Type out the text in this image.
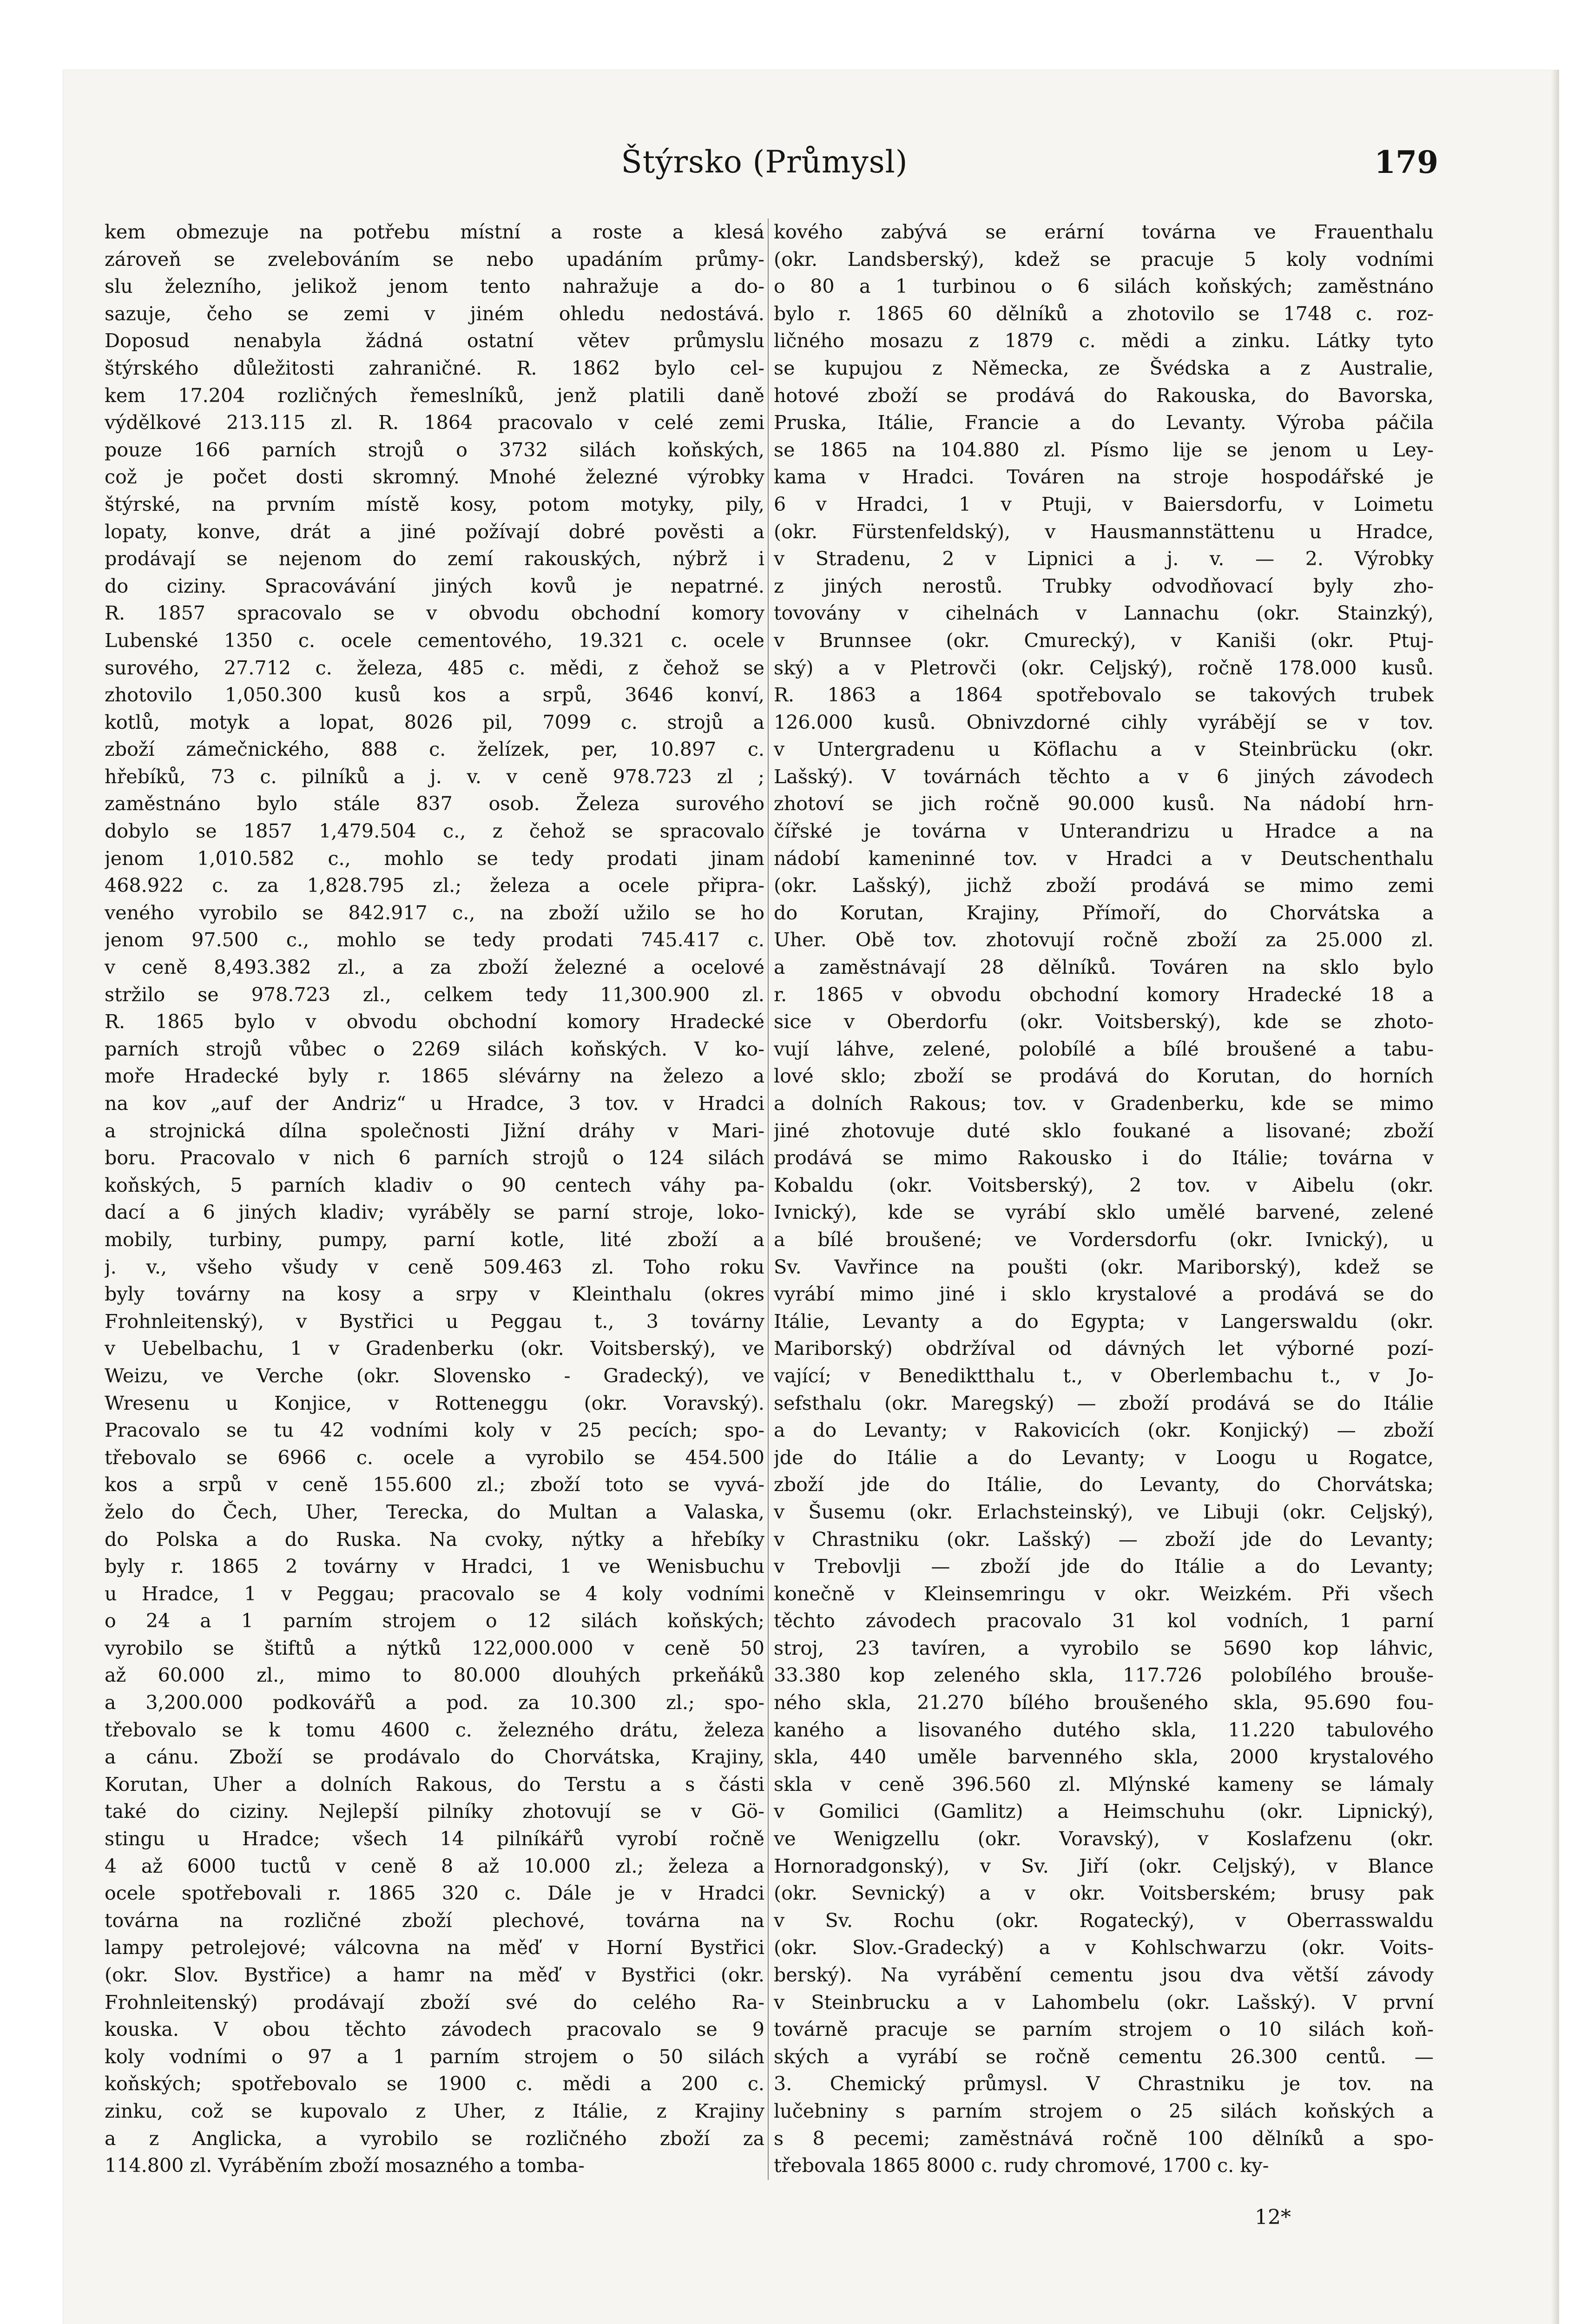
Štýrsko (Průmysl)	179
kem obmezuje na potřebu místní a roste a klesá
zároveň se zvelebováním se nebo upadáním průmy-
slu železního, jelikož jenom tento nahražuje a do-
sazuje, čeho se zemi v jiném ohledu nedostává.
Doposud nenabyla žádná ostatní větev průmyslu
štýrského důležitosti zahraničné. R. 1862 bylo cel-
kem 17.204 rozličných řemeslníků, jenž platili daně
výdělkové 213.115 zl. R. 1864 pracovalo v celé zemi
pouze 166 parních strojů o 3732 silách koňských,
což je počet dosti skromný. Mnohé železné výrobky
štýrské, na prvním místě kosy, potom motyky, pily,
lopaty, konve, drát a jiné požívají dobré pověsti a
prodávají se nejenom do zemí rakouských, nýbrž i
do ciziny. Spracovávání jiných kovů je nepatrné.
R. 1857 spracovalo se v obvodu obchodní komory
Lubenské 1350 c. ocele cementového, 19.321 c. ocele
surového, 27.712 c. železa, 485 c. mědi, z čehož se
zhotovilo 1,050.300 kusů kos a srpů, 3646 konví,
kotlů, motyk a lopat, 8026 pil, 7099 c. strojů a
zboží zámečnického, 888 c. želízek, per, 10.897 c.
hřebíků, 73 c. pilníků a j. v. v ceně 978.723 zl ;
zaměstnáno bylo stále 837 osob. Železa surového
dobylo se 1857 1,479.504 c., z čehož se spracovalo
jenom 1,010.582 c., mohlo se tedy prodati jinam
468.922 c. za 1,828.795 zl.; železa a ocele připra-
veného vyrobilo se 842.917 c., na zboží užilo se ho
jenom 97.500 c., mohlo se tedy prodati 745.417 c.
v ceně 8,493.382 zl., a za zboží železné a ocelové
stržilo se 978.723 zl., celkem tedy 11,300.900 zl.
R. 1865 bylo v obvodu obchodní komory Hradecké
parních strojů vůbec o 2269 silách koňských. V ko-
moře Hradecké byly r. 1865 slévárny na železo a
na kov „auf der Andriz“ u Hradce, 3 tov. v Hradci
a strojnická dílna společnosti Jižní dráhy v Mari-
boru. Pracovalo v nich 6 parních strojů o 124 silách
koňských, 5 parních kladiv o 90 centech váhy pa-
dací a 6 jiných kladiv; vyráběly se parní stroje, loko-
mobily, turbiny, pumpy, parní kotle, lité zboží a
j. v., všeho všudy v ceně 509.463 zl. Toho roku
byly továrny na kosy a srpy v Kleinthalu (okres
Frohnleitenský), v Bystřici u Peggau t., 3 továrny
v Uebelbachu, 1 v Gradenberku (okr. Voitsberský), ve
Weizu, ve Verche (okr. Slovensko - Gradecký), ve
Wresenu u Konjice, v Rotteneggu (okr. Voravský).
Pracovalo se tu 42 vodními koly v 25 pecích; spo-
třebovalo se 6966 c. ocele a vyrobilo se 454.500
kos a srpů v ceně 155.600 zl.; zboží toto se vyvá-
želo do Čech, Uher, Terecka, do Multan a Valaska,
do Polska a do Ruska. Na cvoky, nýtky a hřebíky
byly r. 1865 2 továrny v Hradci, 1 ve Wenisbuchu
u Hradce, 1 v Peggau; pracovalo se 4 koly vodními
o 24 a 1 parním strojem o 12 silách koňských;
vyrobilo se štiftů a nýtků 122,000.000 v ceně 50
až 60.000 zl., mimo to 80.000 dlouhých prkeňáků
a 3,200.000 podkovářů a pod. za 10.300 zl.; spo-
třebovalo se k tomu 4600 c. železného drátu, železa
a cánu. Zboží se prodávalo do Chorvátska, Krajiny,
Korutan, Uher a dolních Rakous, do Terstu a s části
také do ciziny. Nejlepší pilníky zhotovují se v Gö-
stingu u Hradce; všech 14 pilníkářů vyrobí ročně
4 až 6000 tuctů v ceně 8 až 10.000 zl.; železa a
ocele spotřebovali r. 1865 320 c. Dále je v Hradci
továrna na rozličné zboží plechové, továrna na
lampy petrolejové; válcovna na měď v Horní Bystřici
(okr. Slov. Bystřice) a hamr na měď v Bystřici (okr.
Frohnleitenský) prodávají zboží své do celého Ra-
kouska. V obou těchto závodech pracovalo se 9
koly vodními o 97 a 1 parním strojem o 50 silách
koňských; spotřebovalo se 1900 c. mědi a 200 c.
zinku, což se kupovalo z Uher, z Itálie, z Krajiny
a z Anglicka, a vyrobilo se rozličného zboží za
114.800 zl. Vyráběním zboží mosazného a tomba-
kového zabývá se erární továrna ve Frauenthalu
(okr. Landsberský), kdež se pracuje 5 koly vodními
o 80 a 1 turbinou o 6 silách koňských; zaměstnáno
bylo r. 1865 60 dělníků a zhotovilo se 1748 c. roz-
ličného mosazu z 1879 c. mědi a zinku. Látky tyto
se kupujou z Německa, ze Švédska a z Australie,
hotové zboží se prodává do Rakouska, do Bavorska,
Pruska, Itálie, Francie a do Levanty. Výroba páčila
se 1865 na 104.880 zl. Písmo lije se jenom u Ley-
kama v Hradci. Továren na stroje hospodářské je
6 v Hradci, 1 v Ptuji, v Baiersdorfu, v Loimetu
(okr. Fürstenfeldský), v Hausmannstättenu u Hradce,
v Stradenu, 2 v Lipnici a j. v. — 2. Výrobky
z jiných nerostů. Trubky odvodňovací byly zho-
tovovány v cihelnách v Lannachu (okr. Stainzký),
v Brunnsee (okr. Cmurecký), v Kaniši (okr. Ptuj-
ský) a v Pletrovči (okr. Celjský), ročně 178.000 kusů.
R. 1863 a 1864 spotřebovalo se takových trubek
126.000 kusů. Obnivzdorné cihly vyrábějí se v tov.
v Untergradenu u Köflachu a v Steinbrücku (okr.
Lašský). V továrnách těchto a v 6 jiných závodech
zhotoví se jich ročně 90.000 kusů. Na nádobí hrn-
čířské je továrna v Unterandrizu u Hradce a na
nádobí kameninné tov. v Hradci a v Deutschenthalu
(okr. Lašský), jichž zboží prodává se mimo zemi
do Korutan, Krajiny, Přímoří, do Chorvátska a
Uher. Obě tov. zhotovují ročně zboží za 25.000 zl.
a zaměstnávají 28 dělníků. Továren na sklo bylo
r. 1865 v obvodu obchodní komory Hradecké 18 a
sice v Oberdorfu (okr. Voitsberský), kde se zhoto-
vují láhve, zelené, polobílé a bílé broušené a tabu-
lové sklo; zboží se prodává do Korutan, do horních
a dolních Rakous; tov. v Gradenberku, kde se mimo
jiné zhotovuje duté sklo foukané a lisované; zboží
prodává se mimo Rakousko i do Itálie; továrna v
Kobaldu (okr. Voitsberský), 2 tov. v Aibelu (okr.
Ivnický), kde se vyrábí sklo umělé barvené, zelené
a bílé broušené; ve Vordersdorfu (okr. Ivnický), u
Sv. Vavřince na poušti (okr. Mariborský), kdež se
vyrábí mimo jiné i sklo krystalové a prodává se do
Itálie, Levanty a do Egypta; v Langerswaldu (okr.
Mariborský) obdržíval od dávných let výborné pozí-
vající; v Benediktthalu t., v Oberlembachu t., v Jo-
sefsthalu (okr. Maregský) — zboží prodává se do Itálie
a do Levanty; v Rakovicích (okr. Konjický) — zboží
jde do Itálie a do Levanty; v Loogu u Rogatce,
zboží jde do Itálie, do Levanty, do Chorvátska;
v Šusemu (okr. Erlachsteinský), ve Libuji (okr. Celjský),
v Chrastniku (okr. Lašský) — zboží jde do Levanty;
v Trebovlji — zboží jde do Itálie a do Levanty;
konečně v Kleinsemringu v okr. Weizkém. Při všech
těchto závodech pracovalo 31 kol vodních, 1 parní
stroj, 23 tavíren, a vyrobilo se 5690 kop láhvic,
33.380 kop zeleného skla, 117.726 polobílého brouše-
ného skla, 21.270 bílého broušeného skla, 95.690 fou-
kaného a lisovaného dutého skla, 11.220 tabulového
skla, 440 uměle barvenného skla, 2000 krystalového
skla v ceně 396.560 zl. Mlýnské kameny se lámaly
v Gomilici (Gamlitz) a Heimschuhu (okr. Lipnický),
ve Wenigzellu (okr. Voravský), v Koslafzenu (okr.
Hornoradgonský), v Sv. Jiří (okr. Celjský), v Blance
(okr. Sevnický) a v okr. Voitsberském; brusy pak
v Sv. Rochu (okr. Rogatecký), v Oberrasswaldu
(okr. Slov.-Gradecký) a v Kohlschwarzu (okr. Voits-
berský). Na vyrábění cementu jsou dva větší závody
v Steinbrucku a v Lahombelu (okr. Lašský). V první
továrně pracuje se parním strojem o 10 silách koň-
ských a vyrábí se ročně cementu 26.300 centů. —
3. Chemický průmysl. V Chrastniku je tov. na
lučebniny s parním strojem o 25 silách koňských a
s 8 pecemi; zaměstnává ročně 100 dělníků a spo-
třebovala 1865 8000 c. rudy chromové, 1700 c. ky-
12*
